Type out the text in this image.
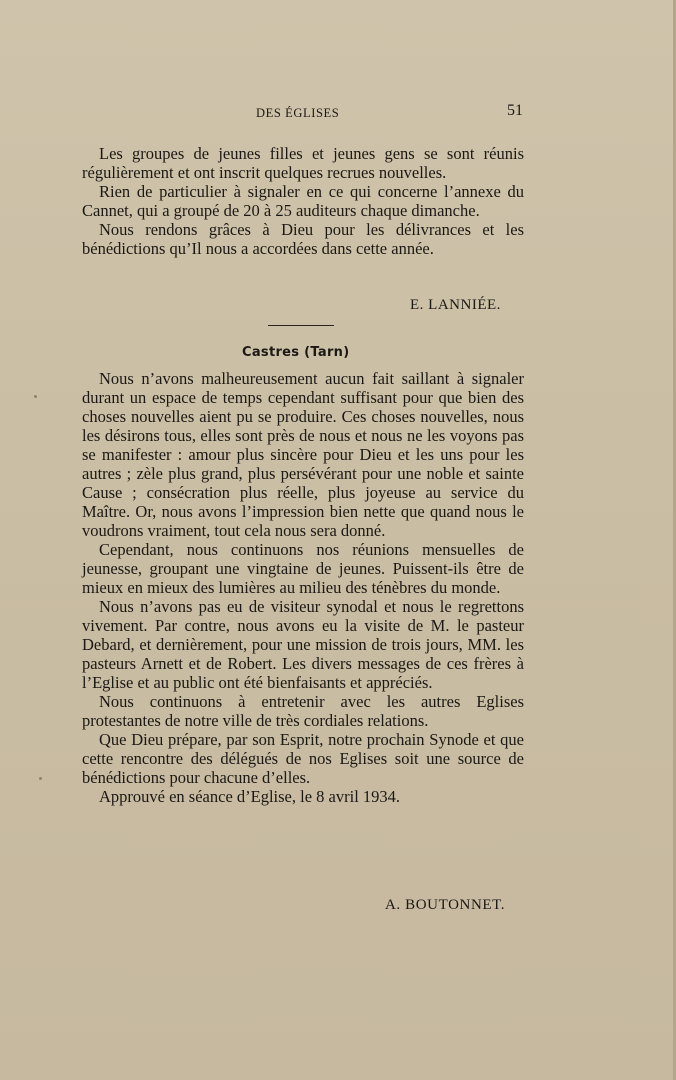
DES ÉGLISES	51

Les groupes de jeunes filles et jeunes gens se sont réunis régulièrement et ont inscrit quelques recrues nouvelles.

Rien de particulier à signaler en ce qui concerne l’annexe du Cannet, qui a groupé de 20 à 25 auditeurs chaque dimanche.

Nous rendons grâces à Dieu pour les délivrances et les bénédictions qu’Il nous a accordées dans cette année.

E. LANNIÉE.
Castres (Tarn)

Nous n’avons malheureusement aucun fait saillant à signaler durant un espace de temps cependant suffisant pour que bien des choses nouvelles aient pu se produire. Ces choses nouvelles, nous les désirons tous, elles sont près de nous et nous ne les voyons pas se manifester : amour plus sincère pour Dieu et les uns pour les autres ; zèle plus grand, plus persévérant pour une noble et sainte Cause ; consécration plus réelle, plus joyeuse au service du Maître. Or, nous avons l’impression bien nette que quand nous le voudrons vraiment, tout cela nous sera donné.

Cependant, nous continuons nos réunions mensuelles de jeunesse, groupant une vingtaine de jeunes. Puissent-ils être de mieux en mieux des lumières au milieu des ténèbres du monde.

Nous n’avons pas eu de visiteur synodal et nous le regrettons vivement. Par contre, nous avons eu la visite de M. le pasteur Debard, et dernièrement, pour une mission de trois jours, MM. les pasteurs Arnett et de Robert. Les divers messages de ces frères à l’Eglise et au public ont été bienfaisants et appréciés.

Nous continuons à entretenir avec les autres Eglises protestantes de notre ville de très cordiales relations.

Que Dieu prépare, par son Esprit, notre prochain Synode et que cette rencontre des délégués de nos Eglises soit une source de bénédictions pour chacune d’elles.

Approuvé en séance d’Eglise, le 8 avril 1934.

A. BOUTONNET.
